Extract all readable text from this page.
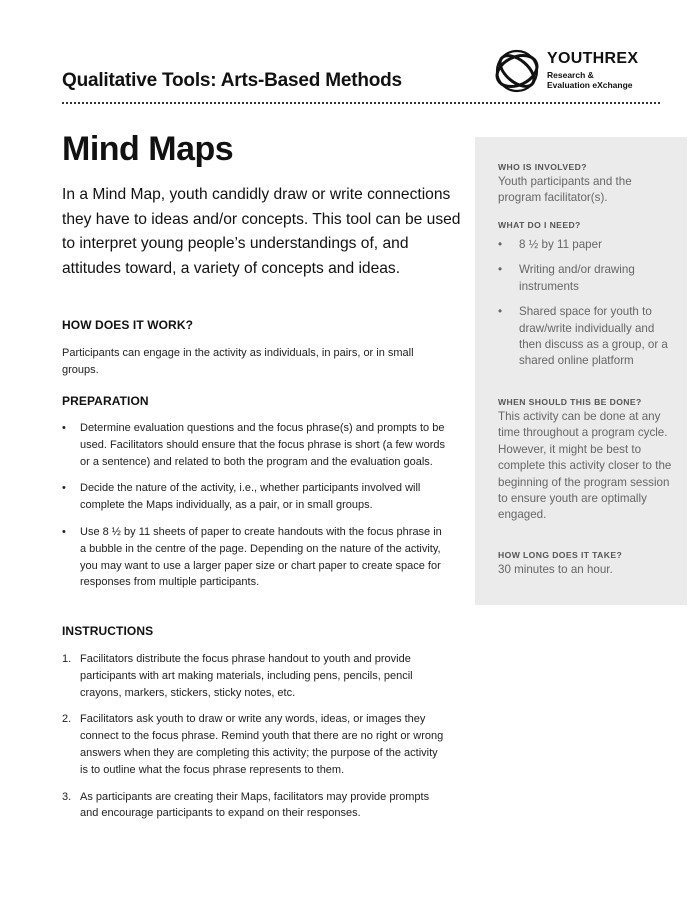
Qualitative Tools: Arts-Based Methods
YOUTHREX
Research &
Evaluation eXchange
Mind Maps

In a Mind Map, youth candidly draw or write connections they have to ideas and/or concepts. This tool can be used to interpret young people’s understandings of, and attitudes toward, a variety of concepts and ideas.

HOW DOES IT WORK?

Participants can engage in the activity as individuals, in pairs, or in small groups.

PREPARATION
• Determine evaluation questions and the focus phrase(s) and prompts to be used. Facilitators should ensure that the focus phrase is short (a few words or a sentence) and related to both the program and the evaluation goals.
• Decide the nature of the activity, i.e., whether participants involved will complete the Maps individually, as a pair, or in small groups.
• Use 8 ½ by 11 sheets of paper to create handouts with the focus phrase in a bubble in the centre of the page. Depending on the nature of the activity, you may want to use a larger paper size or chart paper to create space for responses from multiple participants.
INSTRUCTIONS
1. Facilitators distribute the focus phrase handout to youth and provide participants with art making materials, including pens, pencils, pencil crayons, markers, stickers, sticky notes, etc.
2. Facilitators ask youth to draw or write any words, ideas, or images they connect to the focus phrase. Remind youth that there are no right or wrong answers when they are completing this activity; the purpose of the activity is to outline what the focus phrase represents to them.
3. As participants are creating their Maps, facilitators may provide prompts and encourage participants to expand on their responses.
WHO IS INVOLVED?

Youth participants and the program facilitator(s).

WHAT DO I NEED?
• 8 ½ by 11 paper
• Writing and/or drawing instruments
• Shared space for youth to draw/write individually and then discuss as a group, or a shared online platform
WHEN SHOULD THIS BE DONE?

This activity can be done at any time throughout a program cycle. However, it might be best to complete this activity closer to the beginning of the program session to ensure youth are optimally engaged.

HOW LONG DOES IT TAKE?

30 minutes to an hour.
